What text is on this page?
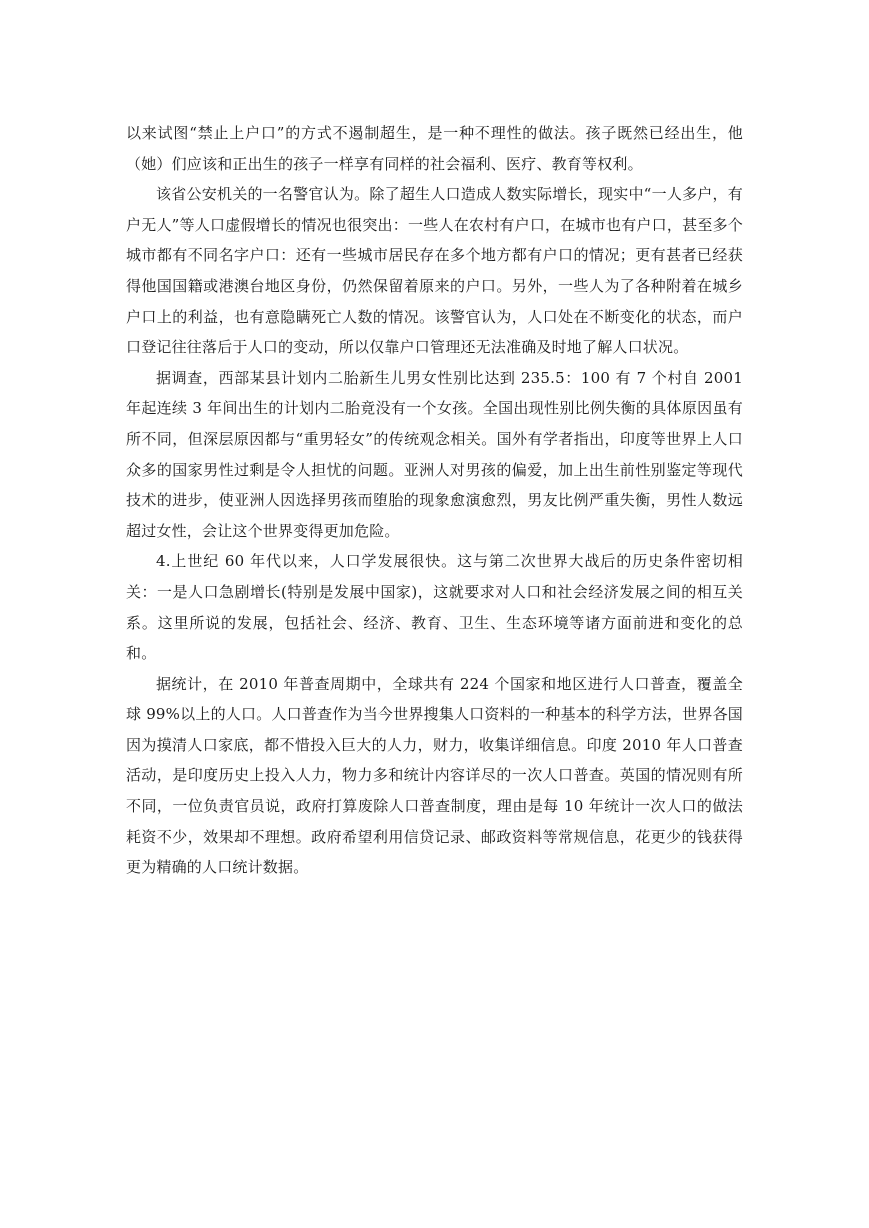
以来试图“禁止上户口”的方式不遏制超生，是一种不理性的做法。孩子既然已经出生，他（她）们应该和正出生的孩子一样享有同样的社会福利、医疗、教育等权利。

该省公安机关的一名警官认为。除了超生人口造成人数实际增长，现实中“一人多户，有户无人”等人口虚假增长的情况也很突出：一些人在农村有户口，在城市也有户口，甚至多个城市都有不同名字户口：还有一些城市居民存在多个地方都有户口的情况；更有甚者已经获得他国国籍或港澳台地区身份，仍然保留着原来的户口。另外，一些人为了各种附着在城乡户口上的利益，也有意隐瞒死亡人数的情况。该警官认为，人口处在不断变化的状态，而户口登记往往落后于人口的变动，所以仅靠户口管理还无法准确及时地了解人口状况。

据调查，西部某县计划内二胎新生儿男女性别比达到 235.5：100 有 7 个村自 2001 年起连续 3 年间出生的计划内二胎竟没有一个女孩。全国出现性别比例失衡的具体原因虽有所不同，但深层原因都与“重男轻女”的传统观念相关。国外有学者指出，印度等世界上人口众多的国家男性过剩是令人担忧的问题。亚洲人对男孩的偏爱，加上出生前性别鉴定等现代技术的进步，使亚洲人因选择男孩而堕胎的现象愈演愈烈，男友比例严重失衡，男性人数远超过女性，会让这个世界变得更加危险。

4.上世纪 60 年代以来，人口学发展很快。这与第二次世界大战后的历史条件密切相关：一是人口急剧增长(特别是发展中国家)，这就要求对人口和社会经济发展之间的相互关系。这里所说的发展，包括社会、经济、教育、卫生、生态环境等诸方面前进和变化的总和。

据统计，在 2010 年普查周期中，全球共有 224 个国家和地区进行人口普查，覆盖全球 99%以上的人口。人口普查作为当今世界搜集人口资料的一种基本的科学方法，世界各国因为摸清人口家底，都不惜投入巨大的人力，财力，收集详细信息。印度 2010 年人口普查活动，是印度历史上投入人力，物力多和统计内容详尽的一次人口普查。英国的情况则有所不同，一位负责官员说，政府打算废除人口普查制度，理由是每 10 年统计一次人口的做法耗资不少，效果却不理想。政府希望利用信贷记录、邮政资料等常规信息，花更少的钱获得更为精确的人口统计数据。
